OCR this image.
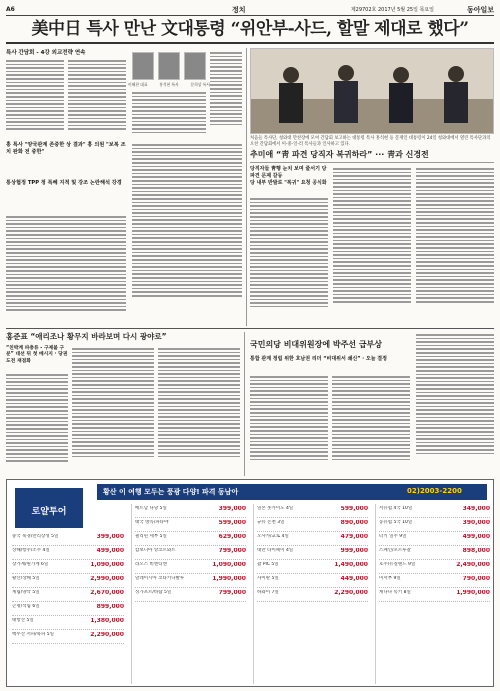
A6	정치	제29702호 2017년 5월 25일 목요일	동아일보
美中日 특사 만난 文대통령 “위안부-사드, 할말 제대로 했다”
특사 간담회 - 4강 외교전략 연속
이해찬 대표	홍석현 특사	문희상 특사
홍 특사 "양국관계 존중한 상 결과" 홍 의원 "보복 조치 완화 전 중한"
통상협정 TPP 정 특혜 지적 및 강조 논란해석 강경
처음들 특사단, 청와대 만찬장에 모여 간담회 보고하는 대통령 특사 홍석현 등 문재인 대통령이 24일 청와대에서 열린 특사단과의 오찬 간담회에서 미-중-일-러 특사들과 인사하고 있다.
추미애 “靑 파견 당직자 복귀하라” ··· 靑과 신경전
당직자들 靑행 눈치 보며 줄서기 당 파견 문제 갈등
당 내부 반발로 "복귀" 요청 공식화
홍준표 “애리조나 황무지 바라보며 다시 광야로”
“친박계 파충류 - 구제불 구분” 대선 뒤 첫 메시지 · 당권도전 재점화
국민의당 비대위원장에 박주선 급부상
통합 관계 정립 위한 호남권 리더 “비대위서 쇄신” · 오늘 결정
로얄투어
황산 이 여행 모두는 풍광 다양! 파격 동남아	02)2003-2200
중국 북경/만리장성 5일	399,000
상해/항주/소주 4일	499,000
장가계/원가계 6일	1,090,000
황산/상해 5일	2,990,000
계림/양삭 5일	2,670,000
곤명/석림 6일	899,000
태항산 5일	1,380,000
백두산 서파/북파 5일	2,290,000
베트남 다낭 5일	399,000
태국 방콕/파타야	599,000
필리핀 세부 5일	629,000
캄보디아 앙코르와트	799,000
라오스 비엔티엔	1,090,000
말레이시아 코타키나발루	1,990,000
싱가포르/바탐 5일	799,000
일본 홋카이도 4일	599,000
규슈 온천 3일	890,000
오사카/교토 4일	479,000
대만 타이페이 4일	999,000
괌 PIC 5일	1,490,000
사이판 5일	449,000
하와이 7일	2,290,000
서유럽 4국 10일	349,000
동유럽 5국 10일	390,000
터키 일주 9일	499,000
스페인/포르투갈	898,000
호주/뉴질랜드 9일	2,490,000
미서부 9일	790,000
캐나다 록키 8일	1,990,000
